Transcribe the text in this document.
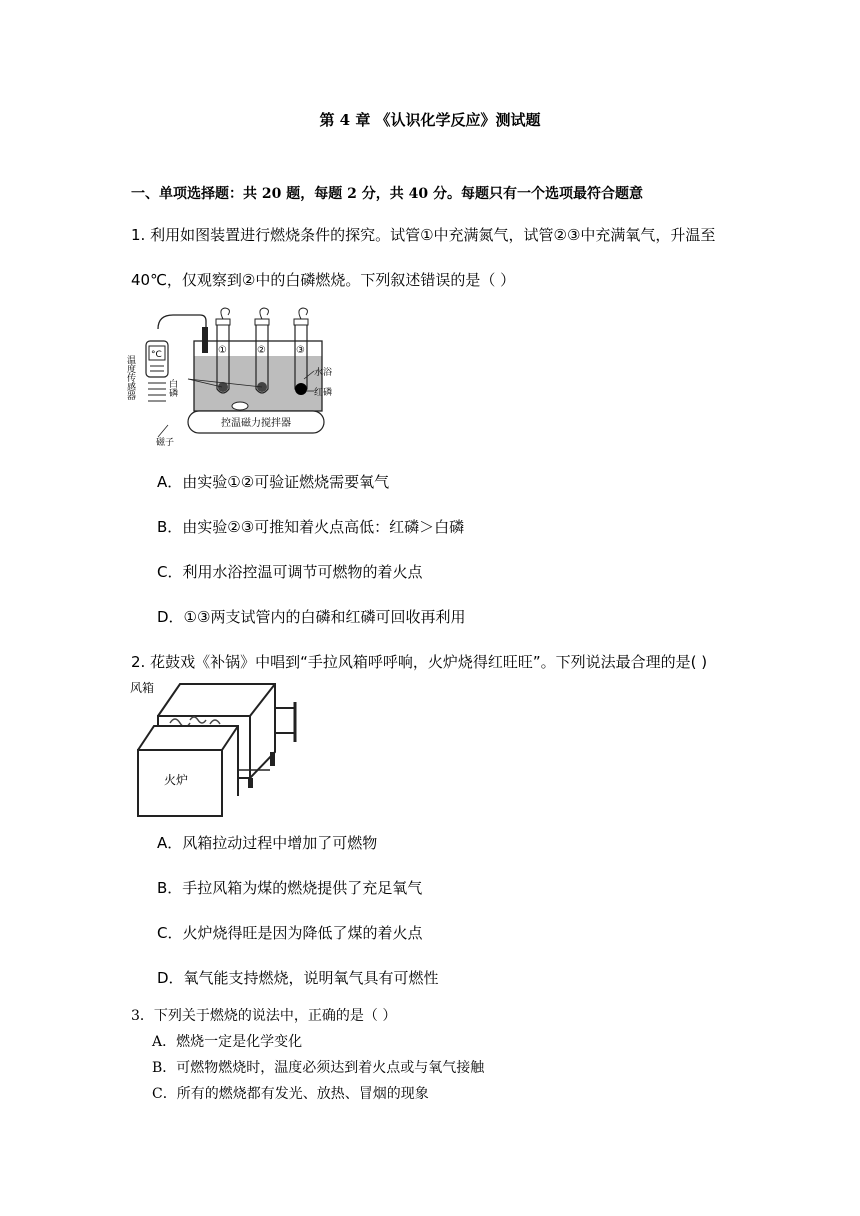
第 4 章 《认识化学反应》测试题
一、单项选择题：共 20 题，每题 2 分，共 40 分。每题只有一个选项最符合题意
1. 利用如图装置进行燃烧条件的探究。试管①中充满氮气，试管②③中充满氧气，升温至
40℃，仅观察到②中的白磷燃烧。下列叙述错误的是（ ）
°C
温度传感器
①	②	③
白磷
水浴
红磷
控温磁力搅拌器
磁子
A．由实验①②可验证燃烧需要氧气
B．由实验②③可推知着火点高低：红磷＞白磷
C．利用水浴控温可调节可燃物的着火点
D．①③两支试管内的白磷和红磷可回收再利用
2. 花鼓戏《补锅》中唱到“手拉风箱呼呼响，火炉烧得红旺旺”。下列说法最合理的是( )
风箱
火炉
A．风箱拉动过程中增加了可燃物
B．手拉风箱为煤的燃烧提供了充足氧气
C．火炉烧得旺是因为降低了煤的着火点
D．氧气能支持燃烧，说明氧气具有可燃性
3．下列关于燃烧的说法中，正确的是（ ）
A．燃烧一定是化学变化
B．可燃物燃烧时，温度必须达到着火点或与氧气接触
C．所有的燃烧都有发光、放热、冒烟的现象
